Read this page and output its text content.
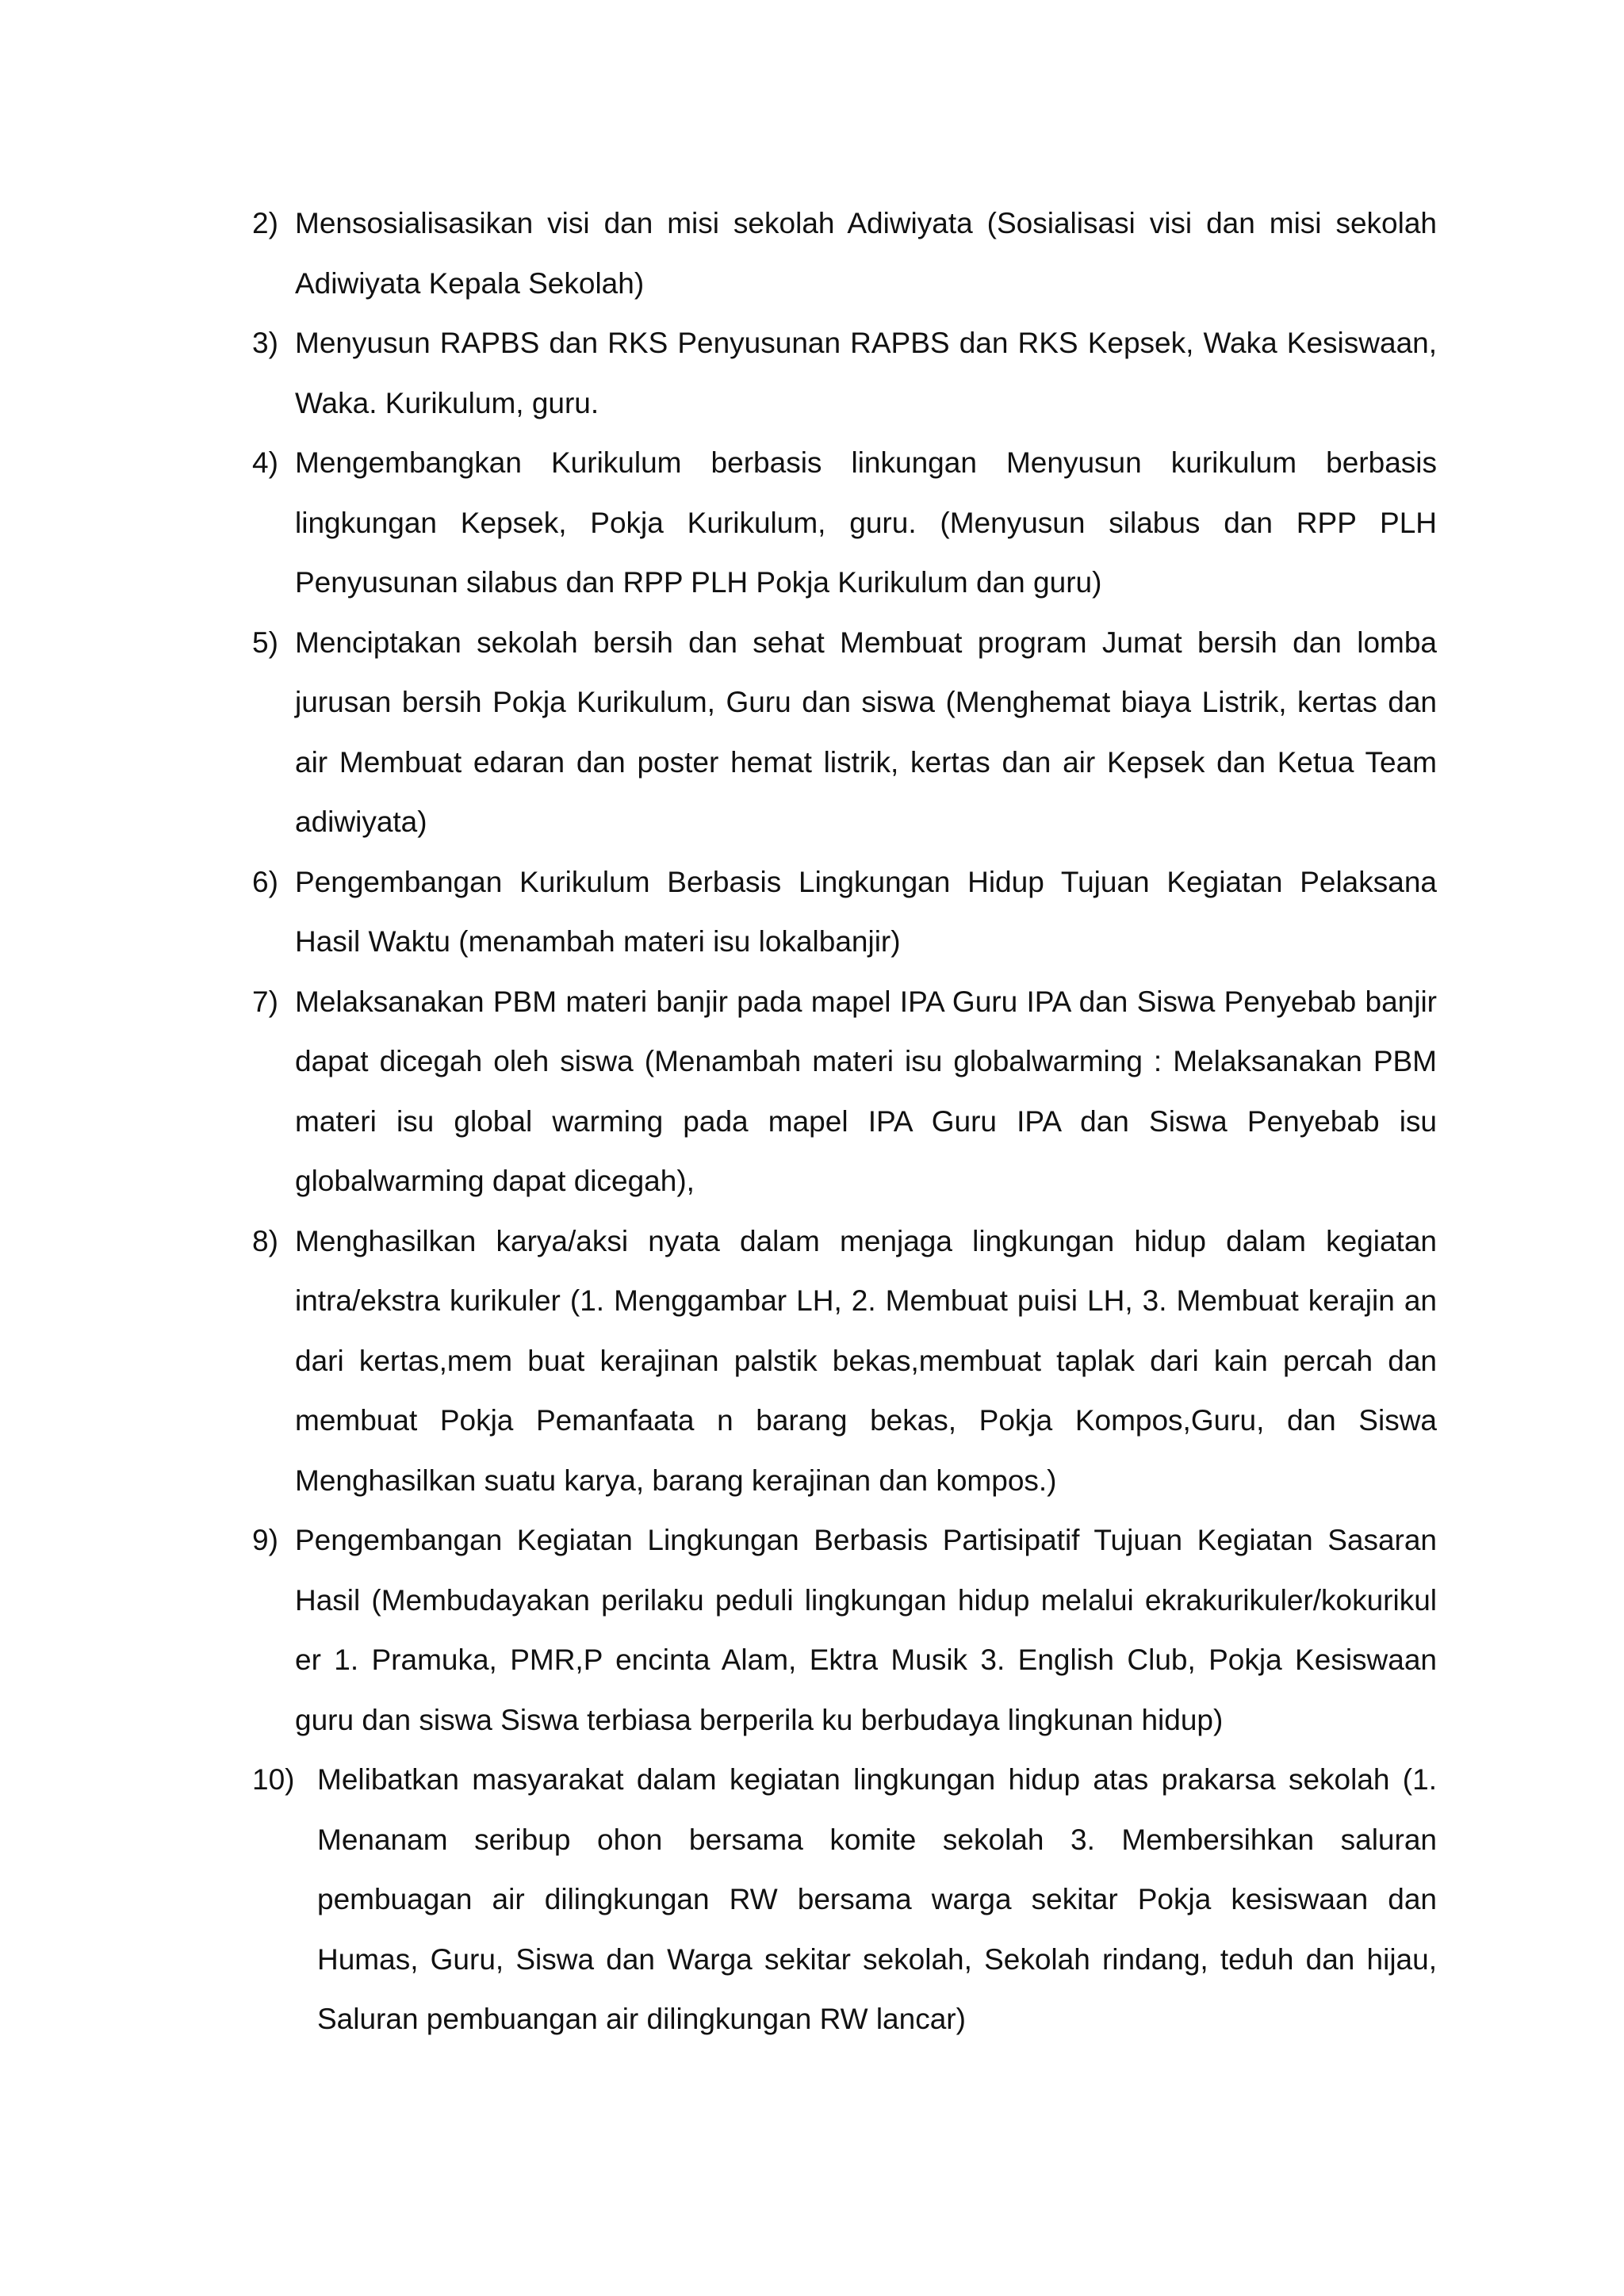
2) Mensosialisasikan visi dan misi sekolah Adiwiyata (Sosialisasi visi dan misi sekolah Adiwiyata Kepala Sekolah)

3) Menyusun RAPBS dan RKS Penyusunan RAPBS dan RKS Kepsek, Waka Kesiswaan, Waka. Kurikulum, guru.

4) Mengembangkan Kurikulum berbasis linkungan Menyusun kurikulum berbasis lingkungan Kepsek, Pokja Kurikulum, guru. (Menyusun silabus dan RPP PLH Penyusunan silabus dan RPP PLH Pokja Kurikulum dan guru)

5) Menciptakan sekolah bersih dan sehat Membuat program Jumat bersih dan lomba jurusan bersih Pokja Kurikulum, Guru dan siswa (Menghemat biaya Listrik, kertas dan air Membuat edaran dan poster hemat listrik, kertas dan air Kepsek dan Ketua Team adiwiyata)

6) Pengembangan Kurikulum Berbasis Lingkungan Hidup Tujuan Kegiatan Pelaksana Hasil Waktu (menambah materi isu lokalbanjir)

7) Melaksanakan PBM materi banjir pada mapel IPA Guru IPA dan Siswa Penyebab banjir dapat dicegah oleh siswa (Menambah materi isu globalwarming : Melaksanakan PBM materi isu global warming pada mapel IPA Guru IPA dan Siswa Penyebab isu globalwarming dapat dicegah),

8) Menghasilkan karya/aksi nyata dalam menjaga lingkungan hidup dalam kegiatan intra/ekstra kurikuler (1. Menggambar LH, 2. Membuat puisi LH, 3. Membuat kerajin an dari kertas,mem buat kerajinan palstik bekas,membuat taplak dari kain percah dan membuat Pokja Pemanfaata n barang bekas, Pokja Kompos,Guru, dan Siswa Menghasilkan suatu karya, barang kerajinan dan kompos.)

9) Pengembangan Kegiatan Lingkungan Berbasis Partisipatif Tujuan Kegiatan Sasaran Hasil (Membudayakan perilaku peduli lingkungan hidup melalui ekrakurikuler/kokurikul er 1. Pramuka, PMR,P encinta Alam, Ektra Musik 3. English Club, Pokja Kesiswaan guru dan siswa Siswa terbiasa berperila ku berbudaya lingkunan hidup)

10) Melibatkan masyarakat dalam kegiatan lingkungan hidup atas prakarsa sekolah (1. Menanam seribup ohon bersama komite sekolah 3. Membersihkan saluran pembuagan air dilingkungan RW bersama warga sekitar Pokja kesiswaan dan Humas, Guru, Siswa dan Warga sekitar sekolah, Sekolah rindang, teduh dan hijau, Saluran pembuangan air dilingkungan RW lancar)
